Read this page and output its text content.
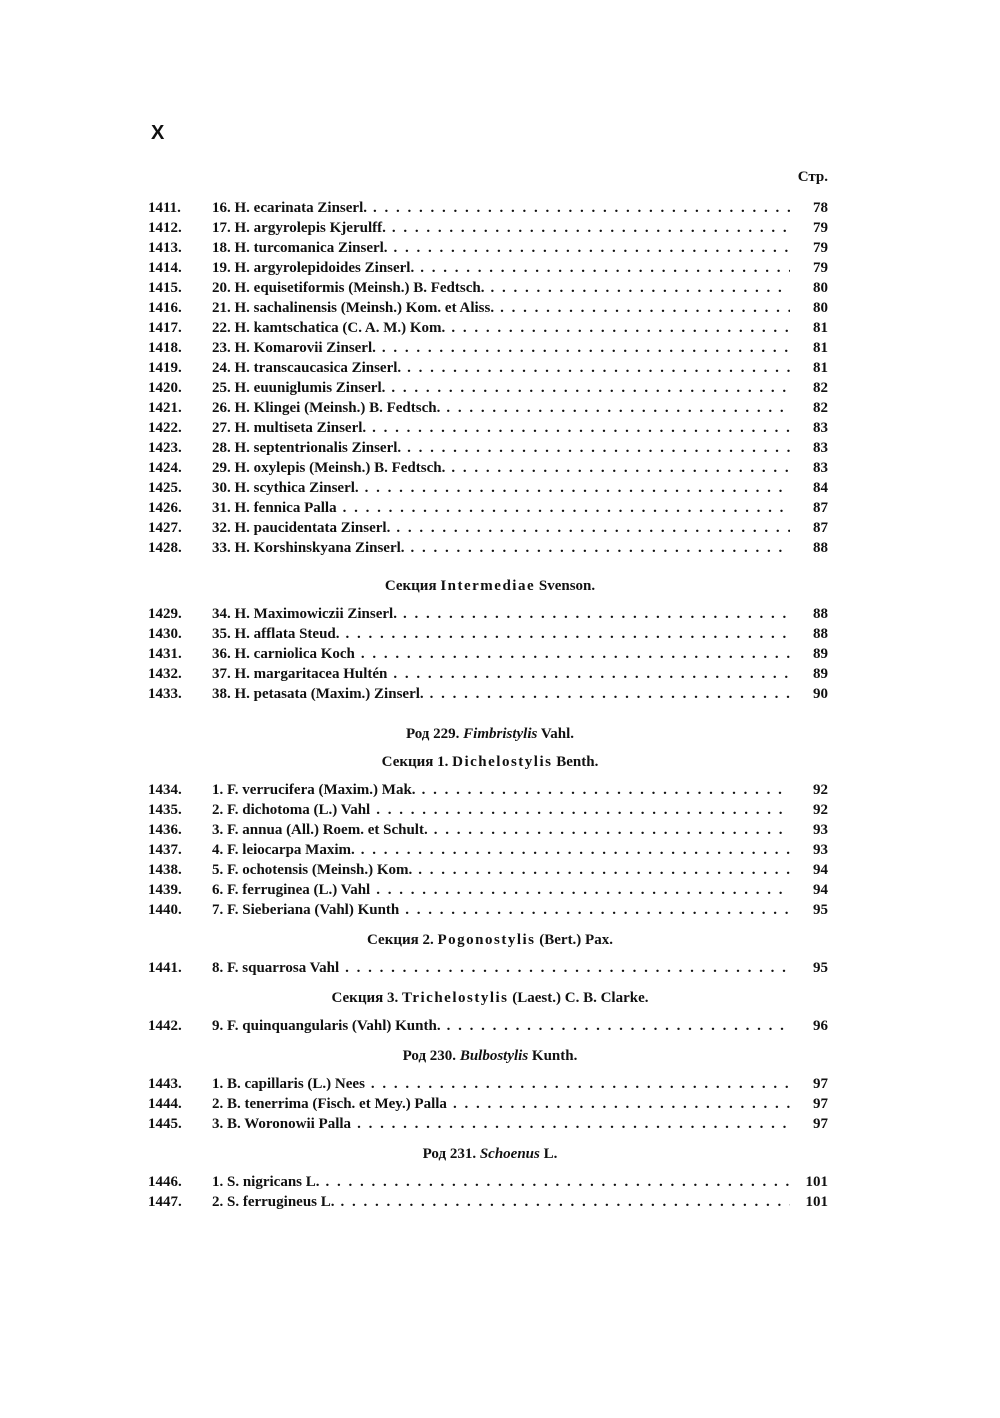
X
Стр.
1411.	16. H. ecarinata Zinserl. . . .	78
1412.	17. H. argyrolepis Kjerulff. . . .	79
1413.	18. H. turcomanica Zinserl. . . .	79
1414.	19. H. argyrolepidoides Zinserl. . . .	79
1415.	20. H. equisetiformis (Meinsh.) B. Fedtsch. . . .	80
1416.	21. H. sachalinensis (Meinsh.) Kom. et Aliss. . . .	80
1417.	22. H. kamtschatica (C. A. M.) Kom. . . .	81
1418.	23. H. Komarovii Zinserl. . . .	81
1419.	24. H. transcaucasica Zinserl. . . .	81
1420.	25. H. euuniglumis Zinserl. . . .	82
1421.	26. H. Klingei (Meinsh.) B. Fedtsch. . . .	82
1422.	27. H. multiseta Zinserl. . . .	83
1423.	28. H. septentrionalis Zinserl. . . .	83
1424.	29. H. oxylepis (Meinsh.) B. Fedtsch. . . .	83
1425.	30. H. scythica Zinserl. . . .	84
1426.	31. H. fennica Palla . . .	87
1427.	32. H. paucidentata Zinserl. . . .	87
1428.	33. H. Korshinskyana Zinserl. . . .	88
Секция Intermediae Svenson.
1429.	34. H. Maximowiczii Zinserl. . . .	88
1430.	35. H. afflata Steud. . . .	88
1431.	36. H. carniolica Koch . . .	89
1432.	37. H. margaritacea Hultén . . .	89
1433.	38. H. petasata (Maxim.) Zinserl. . . .	90
Род 229. Fimbristylis Vahl.
Секция 1. Dichelostylis Benth.
1434.	1. F. verrucifera (Maxim.) Mak. . . .	92
1435.	2. F. dichotoma (L.) Vahl . . .	92
1436.	3. F. annua (All.) Roem. et Schult. . . .	93
1437.	4. F. leiocarpa Maxim. . . .	93
1438.	5. F. ochotensis (Meinsh.) Kom. . . .	94
1439.	6. F. ferruginea (L.) Vahl . . .	94
1440.	7. F. Sieberiana (Vahl) Kunth . . .	95
Секция 2. Pogonostylis (Bert.) Pax.
1441.	8. F. squarrosa Vahl . . .	95
Секция 3. Trichelostylis (Laest.) C. B. Clarke.
1442.	9. F. quinquangularis (Vahl) Kunth. . . .	96
Род 230. Bulbostylis Kunth.
1443.	1. B. capillaris (L.) Nees . . .	97
1444.	2. B. tenerrima (Fisch. et Mey.) Palla . . .	97
1445.	3. B. Woronowii Palla . . .	97
Род 231. Schoenus L.
1446.	1. S. nigricans L. . . .	101
1447.	2. S. ferrugineus L. . . .	101
